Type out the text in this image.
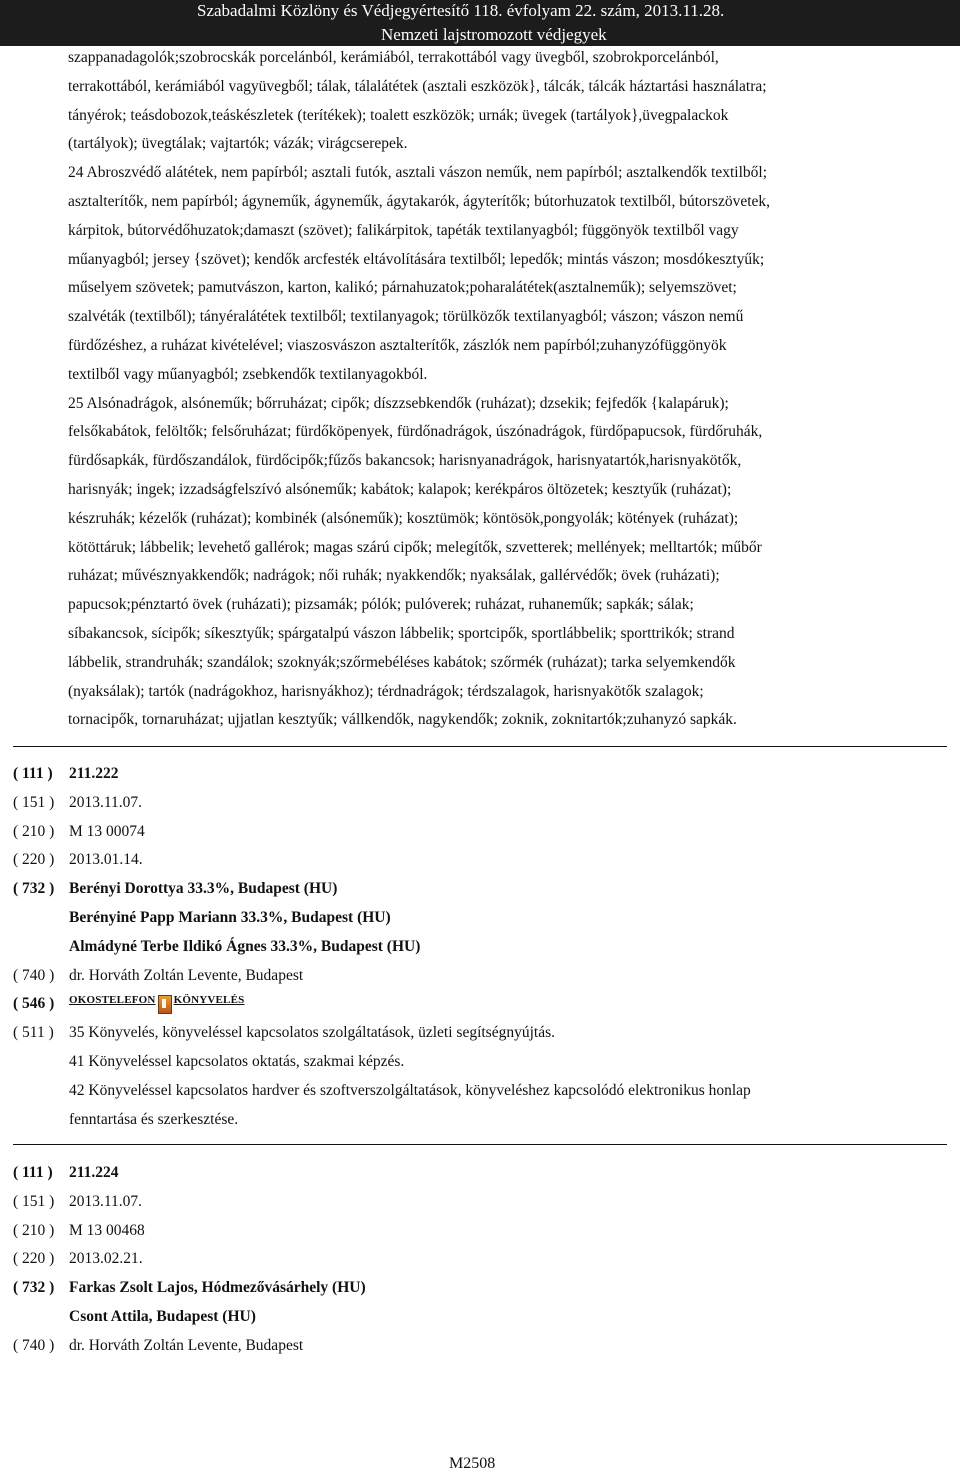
Szabadalmi Közlöny és Védjegyértesítő 118. évfolyam 22. szám, 2013.11.28.
Nemzeti lajstromozott védjegyek

szappanadagolók;szobrocskák porcelánból, kerámiából, terrakottából vagy üvegből, szobrokporcelánból,

terrakottából, kerámiából vagyüvegből; tálak, tálalátétek (asztali eszközök}, tálcák, tálcák háztartási használatra;

tányérok; teásdobozok,teáskészletek (terítékek); toalett eszközök; urnák; üvegek (tartályok},üvegpalackok

(tartályok); üvegtálak; vajtartók; vázák; virágcserepek.

24 Abroszvédő alátétek, nem papírból; asztali futók, asztali vászon neműk, nem papírból; asztalkendők textilből;

asztalterítők, nem papírból; ágyneműk, ágyneműk, ágytakarók, ágyterítők; bútorhuzatok textilből, bútorszövetek,

kárpitok, bútorvédőhuzatok;damaszt (szövet); falikárpitok, tapéták textilanyagból; függönyök textilből vagy

műanyagból; jersey {szövet); kendők arcfesték eltávolítására textilből; lepedők; mintás vászon; mosdókesztyűk;

műselyem szövetek; pamutvászon, karton, kalikó; párnahuzatok;poharalátétek(asztalneműk); selyemszövet;

szalvéták (textilből); tányéralátétek textilből; textilanyagok; törülközők textilanyagból; vászon; vászon nemű

fürdőzéshez, a ruházat kivételével; viaszosvászon asztalterítők, zászlók nem papírból;zuhanyzófüggönyök

textilből vagy műanyagból; zsebkendők textilanyagokból.

25 Alsónadrágok, alsóneműk; bőrruházat; cipők; díszzsebkendők (ruházat); dzsekik; fejfedők {kalapáruk);

felsőkabátok, felöltők; felsőruházat; fürdőköpenyek, fürdőnadrágok, úszónadrágok, fürdőpapucsok, fürdőruhák,

fürdősapkák, fürdőszandálok, fürdőcipők;fűzős bakancsok; harisnyanadrágok, harisnyatartók,harisnyakötők,

harisnyák; ingek; izzadságfelszívó alsóneműk; kabátok; kalapok; kerékpáros öltözetek; kesztyűk (ruházat);

készruhák; kézelők (ruházat); kombinék (alsóneműk); kosztümök; köntösök,pongyolák; kötények (ruházat);

kötöttáruk; lábbelik; levehető gallérok; magas szárú cipők; melegítők, szvetterek; mellények; melltartók; műbőr

ruházat; művésznyakkendők; nadrágok; női ruhák; nyakkendők; nyaksálak, gallérvédők; övek (ruházati);

papucsok;pénztartó övek (ruházati); pizsamák; pólók; pulóverek; ruházat, ruhaneműk; sapkák; sálak;

síbakancsok, sícipők; síkesztyűk; spárgatalpú vászon lábbelik; sportcipők, sportlábbelik; sporttrikók; strand

lábbelik, strandruhák; szandálok; szoknyák;szőrmebéléses kabátok; szőrmék (ruházat); tarka selyemkendők

(nyaksálak); tartók (nadrágokhoz, harisnyákhoz); térdnadrágok; térdszalagok, harisnyakötők szalagok;

tornacipők, tornaruházat; ujjatlan kesztyűk; vállkendők, nagykendők; zoknik, zoknitartók;zuhanyzó sapkák.

( 111 )	211.222
( 151 ) 2013.11.07.
( 210 ) M 13 00074
( 220 ) 2013.01.14.
( 732 ) Berényi Dorottya 33.3%, Budapest (HU)
Berényiné Papp Mariann 33.3%, Budapest (HU)
Almádyné Terbe Ildikó Ágnes 33.3%, Budapest (HU)
( 740 ) dr. Horváth Zoltán Levente, Budapest
( 546 )	OKOSTELEFON KÖNYVELÉS
( 511 ) 35 Könyvelés, könyveléssel kapcsolatos szolgáltatások, üzleti segítségnyújtás.
41 Könyveléssel kapcsolatos oktatás, szakmai képzés.
42 Könyveléssel kapcsolatos hardver és szoftverszolgáltatások, könyveléshez kapcsolódó elektronikus honlap
fenntartása és szerkesztése.
( 111 )	211.224
( 151 ) 2013.11.07.
( 210 ) M 13 00468
( 220 ) 2013.02.21.
( 732 ) Farkas Zsolt Lajos, Hódmezővásárhely (HU)
Csont Attila, Budapest (HU)
( 740 ) dr. Horváth Zoltán Levente, Budapest
M2508
